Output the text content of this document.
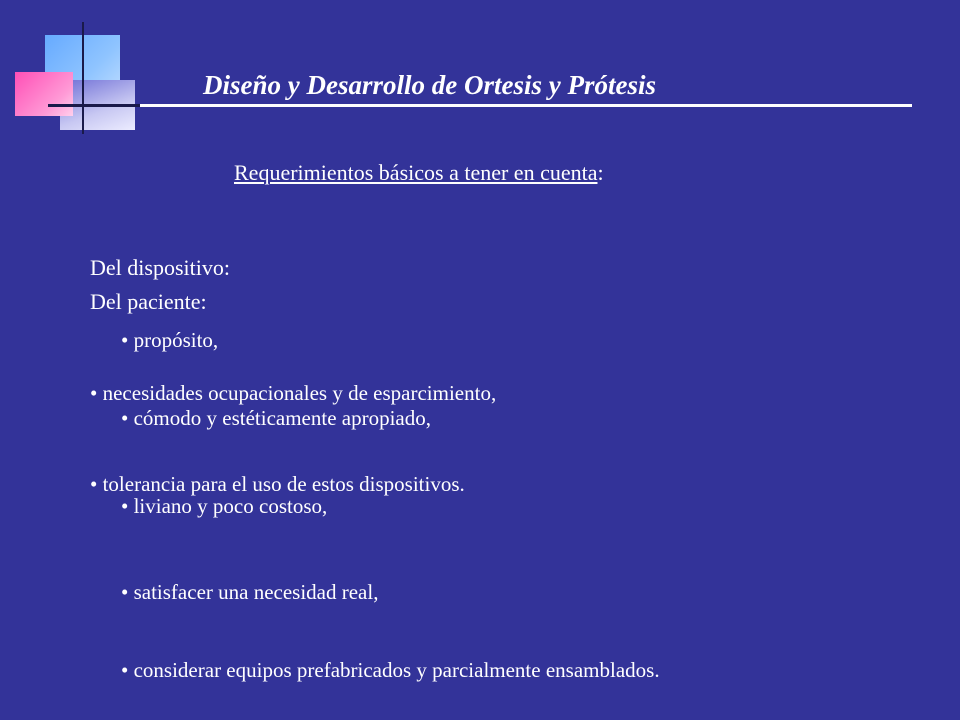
Diseño y Desarrollo de Ortesis y Prótesis
Requerimientos básicos a tener en cuenta:
Del dispositivo:
Del paciente:
• propósito,
• necesidades ocupacionales y de esparcimiento,
• cómodo y estéticamente apropiado,
• tolerancia para el uso de estos dispositivos.
• liviano y poco costoso,
• satisfacer una necesidad real,
• considerar equipos prefabricados y parcialmente ensamblados.
